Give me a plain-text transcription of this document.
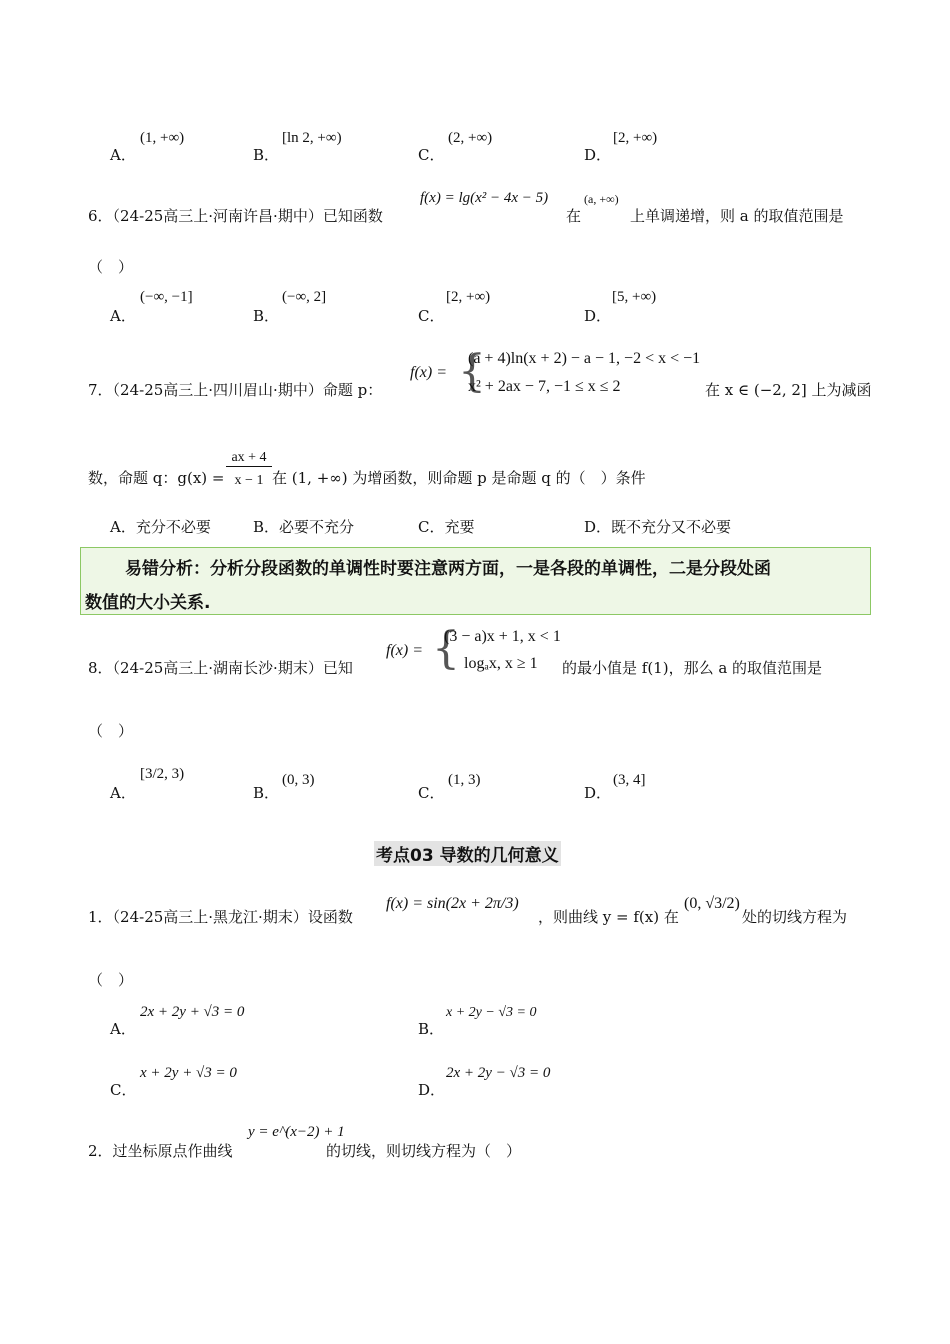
A．
(1, +∞)
B．
[ln 2, +∞)
C．
(2, +∞)
D．
[2, +∞)
6．（24-25高三上·河南许昌·期中）已知函数
f(x) = lg(x² − 4x − 5)
在
(a, +∞)
上单调递增，则 a 的取值范围是
（　）
A．
(−∞, −1]
B．
(−∞, 2]
C．
[2, +∞)
D．
[5, +∞)
7．（24-25高三上·四川眉山·期中）命题 p：
f(x) = {
(a + 4)ln(x + 2) − a − 1, −2 < x < −1
x² + 2ax − 7, −1 ≤ x ≤ 2	在 x ∈ (−2, 2] 上为减函
数，命题 q：g(x) =
ax + 4
x − 1 在 (1, +∞) 为增函数，则命题 p 是命题 q 的（　）条件
A．充分不必要	B．必要不充分	C．充要	D．既不充分又不必要

易错分析：分析分段函数的单调性时要注意两方面，一是各段的单调性，二是分段处函

数值的大小关系.

8．（24-25高三上·湖南长沙·期末）已知
f(x) = {
(3 − a)x + 1, x < 1
logₐx, x ≥ 1 的最小值是 f(1)，那么 a 的取值范围是
（　）
A．
[3/2, 3)
B．
(0, 3)
C．
(1, 3)
D．
(3, 4]
考点03 导数的几何意义
1．（24-25高三上·黑龙江·期末）设函数
f(x) = sin(2x + 2π/3)
，则曲线 y = f(x) 在
(0, √3/2)
处的切线方程为
（　）
A．
2x + 2y + √3 = 0
B．
x + 2y − √3 = 0
C．
x + 2y + √3 = 0
D．
2x + 2y − √3 = 0
2．过坐标原点作曲线
y = e^(x−2) + 1
的切线，则切线方程为（　）
